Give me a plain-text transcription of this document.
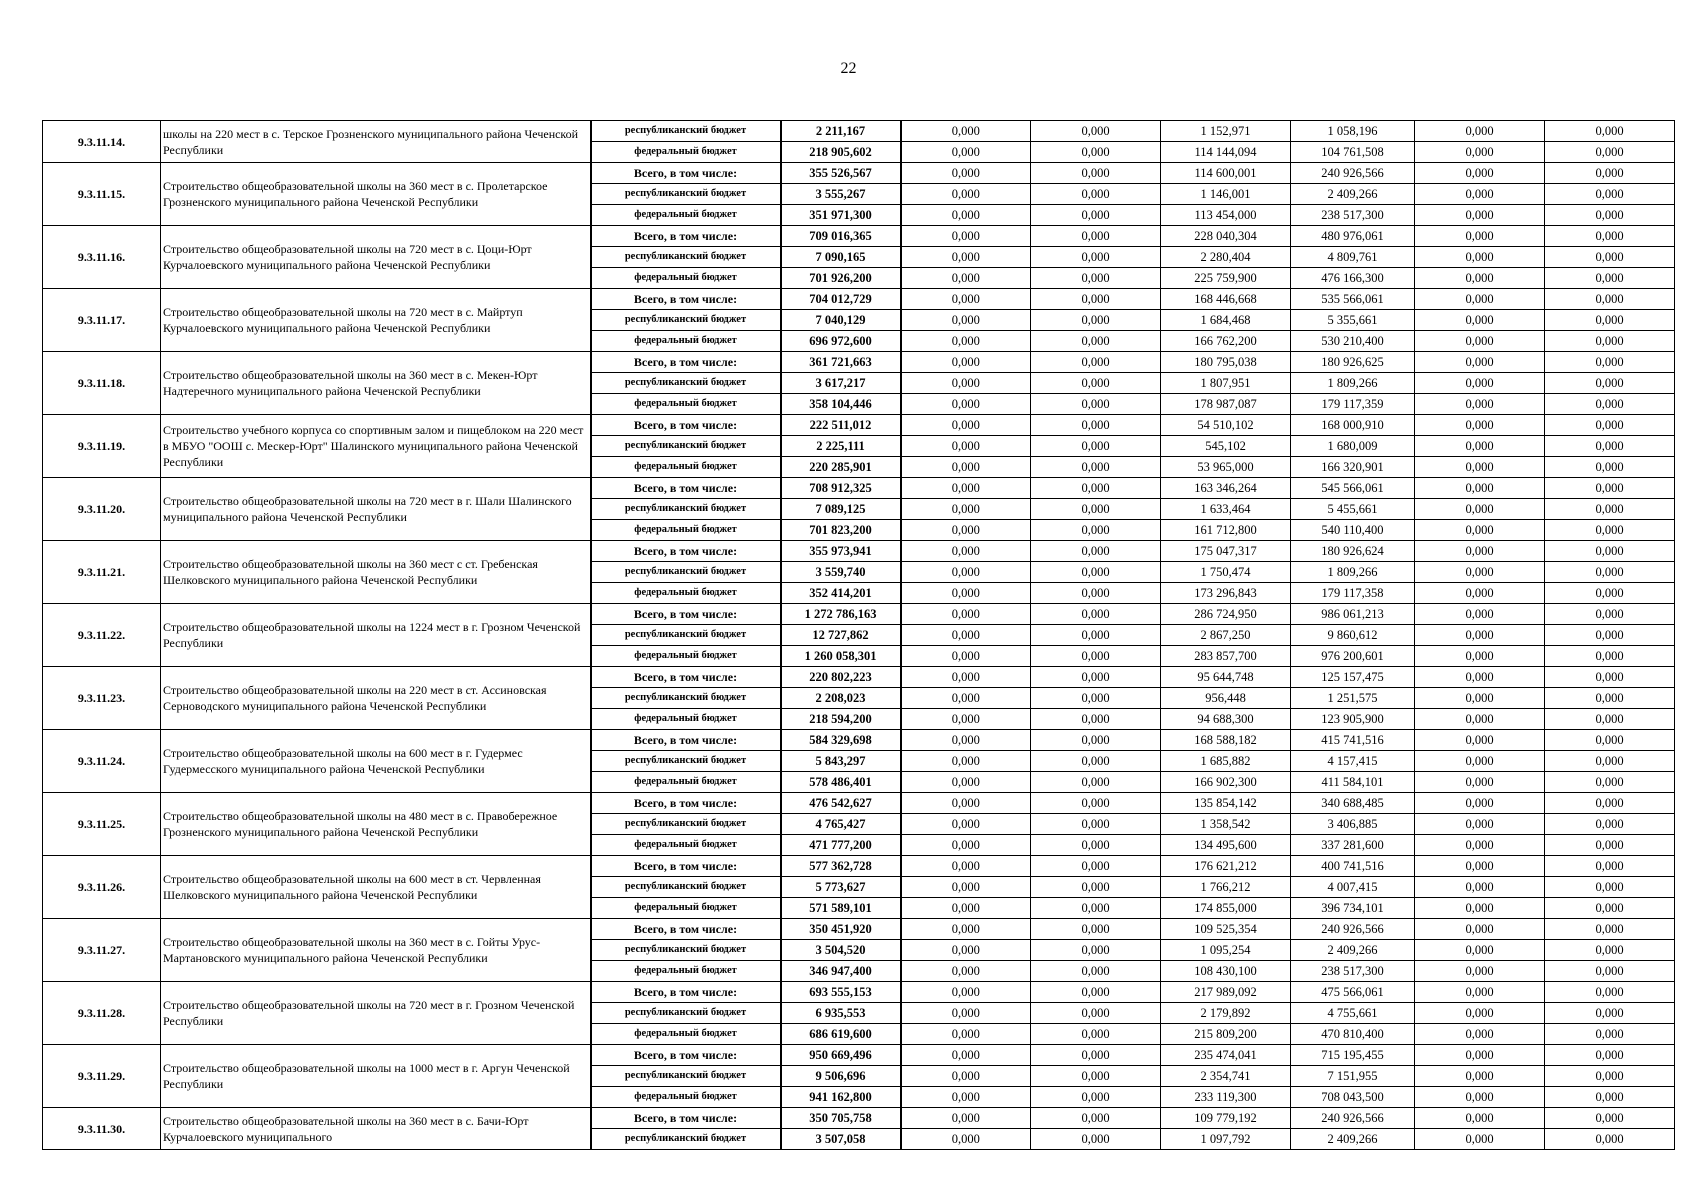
22
9.3.11.14.	школы на 220 мест в с. Терское Грозненского муниципального района Чеченской Республики	республиканский бюджет	2 211,167	0,000	0,000	1 152,971	1 058,196	0,000	0,000
		федеральный бюджет	218 905,602	0,000	0,000	114 144,094	104 761,508	0,000	0,000
9.3.11.15.	Строительство общеобразовательной школы на 360 мест в с. Пролетарское Грозненского муниципального района Чеченской Республики	Всего, в том числе:	355 526,567	0,000	0,000	114 600,001	240 926,566	0,000	0,000
		республиканский бюджет	3 555,267	0,000	0,000	1 146,001	2 409,266	0,000	0,000
		федеральный бюджет	351 971,300	0,000	0,000	113 454,000	238 517,300	0,000	0,000
9.3.11.16.	Строительство общеобразовательной школы на 720 мест в с. Цоци-Юрт Курчалоевского муниципального района Чеченской Республики	Всего, в том числе:	709 016,365	0,000	0,000	228 040,304	480 976,061	0,000	0,000
		республиканский бюджет	7 090,165	0,000	0,000	2 280,404	4 809,761	0,000	0,000
		федеральный бюджет	701 926,200	0,000	0,000	225 759,900	476 166,300	0,000	0,000
9.3.11.17.	Строительство общеобразовательной школы на 720 мест в с. Майртуп Курчалоевского муниципального района Чеченской Республики	Всего, в том числе:	704 012,729	0,000	0,000	168 446,668	535 566,061	0,000	0,000
		республиканский бюджет	7 040,129	0,000	0,000	1 684,468	5 355,661	0,000	0,000
		федеральный бюджет	696 972,600	0,000	0,000	166 762,200	530 210,400	0,000	0,000
9.3.11.18.	Строительство общеобразовательной школы на 360 мест в с. Мекен-Юрт Надтеречного муниципального района Чеченской Республики	Всего, в том числе:	361 721,663	0,000	0,000	180 795,038	180 926,625	0,000	0,000
		республиканский бюджет	3 617,217	0,000	0,000	1 807,951	1 809,266	0,000	0,000
		федеральный бюджет	358 104,446	0,000	0,000	178 987,087	179 117,359	0,000	0,000
9.3.11.19.	Строительство учебного корпуса со спортивным залом и пищеблоком на 220 мест в МБУО "ООШ с. Мескер-Юрт" Шалинского муниципального района Чеченской Республики	Всего, в том числе:	222 511,012	0,000	0,000	54 510,102	168 000,910	0,000	0,000
		республиканский бюджет	2 225,111	0,000	0,000	545,102	1 680,009	0,000	0,000
		федеральный бюджет	220 285,901	0,000	0,000	53 965,000	166 320,901	0,000	0,000
9.3.11.20.	Строительство общеобразовательной школы на 720 мест в г. Шали Шалинского муниципального района Чеченской Республики	Всего, в том числе:	708 912,325	0,000	0,000	163 346,264	545 566,061	0,000	0,000
		республиканский бюджет	7 089,125	0,000	0,000	1 633,464	5 455,661	0,000	0,000
		федеральный бюджет	701 823,200	0,000	0,000	161 712,800	540 110,400	0,000	0,000
9.3.11.21.	Строительство общеобразовательной школы на 360 мест с ст. Гребенская Шелковского муниципального района Чеченской Республики	Всего, в том числе:	355 973,941	0,000	0,000	175 047,317	180 926,624	0,000	0,000
		республиканский бюджет	3 559,740	0,000	0,000	1 750,474	1 809,266	0,000	0,000
		федеральный бюджет	352 414,201	0,000	0,000	173 296,843	179 117,358	0,000	0,000
9.3.11.22.	Строительство общеобразовательной школы на 1224 мест в г. Грозном Чеченской Республики	Всего, в том числе:	1 272 786,163	0,000	0,000	286 724,950	986 061,213	0,000	0,000
		республиканский бюджет	12 727,862	0,000	0,000	2 867,250	9 860,612	0,000	0,000
		федеральный бюджет	1 260 058,301	0,000	0,000	283 857,700	976 200,601	0,000	0,000
9.3.11.23.	Строительство общеобразовательной школы на 220 мест в ст. Ассиновская Серноводского муниципального района Чеченской Республики	Всего, в том числе:	220 802,223	0,000	0,000	95 644,748	125 157,475	0,000	0,000
		республиканский бюджет	2 208,023	0,000	0,000	956,448	1 251,575	0,000	0,000
		федеральный бюджет	218 594,200	0,000	0,000	94 688,300	123 905,900	0,000	0,000
9.3.11.24.	Строительство общеобразовательной школы на 600 мест в г. Гудермес Гудермесского муниципального района Чеченской Республики	Всего, в том числе:	584 329,698	0,000	0,000	168 588,182	415 741,516	0,000	0,000
		республиканский бюджет	5 843,297	0,000	0,000	1 685,882	4 157,415	0,000	0,000
		федеральный бюджет	578 486,401	0,000	0,000	166 902,300	411 584,101	0,000	0,000
9.3.11.25.	Строительство общеобразовательной школы на 480 мест в с. Правобережное Грозненского муниципального района Чеченской Республики	Всего, в том числе:	476 542,627	0,000	0,000	135 854,142	340 688,485	0,000	0,000
		республиканский бюджет	4 765,427	0,000	0,000	1 358,542	3 406,885	0,000	0,000
		федеральный бюджет	471 777,200	0,000	0,000	134 495,600	337 281,600	0,000	0,000
9.3.11.26.	Строительство общеобразовательной школы на 600 мест в ст. Червленная Шелковского муниципального района Чеченской Республики	Всего, в том числе:	577 362,728	0,000	0,000	176 621,212	400 741,516	0,000	0,000
		республиканский бюджет	5 773,627	0,000	0,000	1 766,212	4 007,415	0,000	0,000
		федеральный бюджет	571 589,101	0,000	0,000	174 855,000	396 734,101	0,000	0,000
9.3.11.27.	Строительство общеобразовательной школы на 360 мест в с. Гойты Урус-Мартановского муниципального района Чеченской Республики	Всего, в том числе:	350 451,920	0,000	0,000	109 525,354	240 926,566	0,000	0,000
		республиканский бюджет	3 504,520	0,000	0,000	1 095,254	2 409,266	0,000	0,000
		федеральный бюджет	346 947,400	0,000	0,000	108 430,100	238 517,300	0,000	0,000
9.3.11.28.	Строительство общеобразовательной школы на 720 мест в г. Грозном Чеченской Республики	Всего, в том числе:	693 555,153	0,000	0,000	217 989,092	475 566,061	0,000	0,000
		республиканский бюджет	6 935,553	0,000	0,000	2 179,892	4 755,661	0,000	0,000
		федеральный бюджет	686 619,600	0,000	0,000	215 809,200	470 810,400	0,000	0,000
9.3.11.29.	Строительство общеобразовательной школы на 1000 мест в г. Аргун Чеченской Республики	Всего, в том числе:	950 669,496	0,000	0,000	235 474,041	715 195,455	0,000	0,000
		республиканский бюджет	9 506,696	0,000	0,000	2 354,741	7 151,955	0,000	0,000
		федеральный бюджет	941 162,800	0,000	0,000	233 119,300	708 043,500	0,000	0,000
9.3.11.30.	Строительство общеобразовательной школы на 360 мест в с. Бачи-Юрт Курчалоевского муниципального	Всего, в том числе:	350 705,758	0,000	0,000	109 779,192	240 926,566	0,000	0,000
		республиканский бюджет	3 507,058	0,000	0,000	1 097,792	2 409,266	0,000	0,000
